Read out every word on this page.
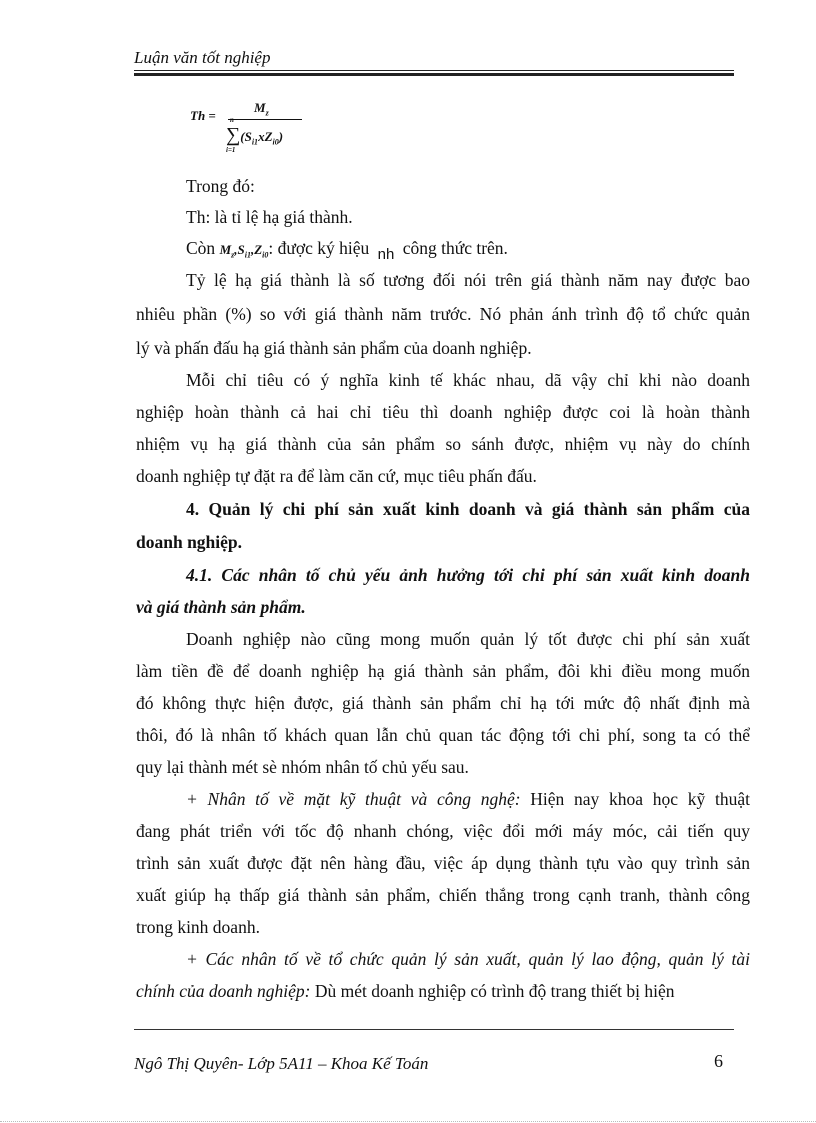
Luận văn tốt nghiệp
Th =
$M_z$
n
∑
i=1
$(S_{i1}xZ_{i0})$
Trong đó:
Th: là tỉ lệ hạ giá thành.
Còn $M_z,S_{i1},Z_{i0}$: được ký hiệu nh công thức trên.
Tỷ lệ hạ giá thành là số tương đối nói trên giá thành năm nay được bao
nhiêu phần (%) so với giá thành năm trước. Nó phản ánh trình độ tổ chức quản
lý và phấn đấu hạ giá thành sản phẩm của doanh nghiệp.
Mỗi chỉ tiêu có ý nghĩa kinh tế khác nhau, dã vậy chỉ khi nào doanh
nghiệp hoàn thành cả hai chỉ tiêu thì doanh nghiệp được coi là hoàn thành
nhiệm vụ hạ giá thành của sản phẩm so sánh được, nhiệm vụ này do chính
doanh nghiệp tự đặt ra để làm căn cứ, mục tiêu phấn đấu.
4. Quản lý chi phí sản xuất kinh doanh và giá thành sản phẩm của
doanh nghiệp.
4.1. Các nhân tố chủ yếu ảnh hưởng tới chi phí sản xuất kinh doanh
và giá thành sản phẩm.
Doanh nghiệp nào cũng mong muốn quản lý tốt được chi phí sản xuất
làm tiền đề để doanh nghiệp hạ giá thành sản phẩm, đôi khi điều mong muốn
đó không thực hiện được, giá thành sản phẩm chỉ hạ tới mức độ nhất định mà
thôi, đó là nhân tố khách quan lẫn chủ quan tác động tới chi phí, song ta có thể
quy lại thành mét sè nhóm nhân tố chủ yếu sau.
+ Nhân tố về mặt kỹ thuật và công nghệ: Hiện nay khoa học kỹ thuật
đang phát triển với tốc độ nhanh chóng, việc đổi mới máy móc, cải tiến quy
trình sản xuất được đặt nên hàng đầu, việc áp dụng thành tựu vào quy trình sản
xuất giúp hạ thấp giá thành sản phẩm, chiến thắng trong cạnh tranh, thành công
trong kinh doanh.
+ Các nhân tố về tổ chức quản lý sản xuất, quản lý lao động, quản lý tài
chính của doanh nghiệp: Dù mét doanh nghiệp có trình độ trang thiết bị hiện
Ngô Thị Quyên- Lớp 5A11 – Khoa Kế Toán	6
